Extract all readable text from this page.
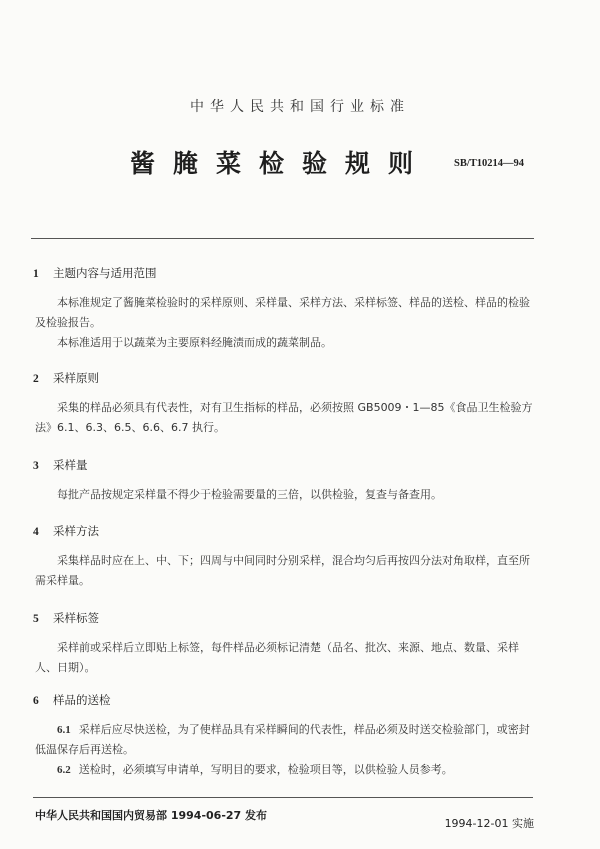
中华人民共和国行业标准
酱腌菜检验规则 SB/T10214—94
1 主题内容与适用范围
本标准规定了酱腌菜检验时的采样原则、采样量、采样方法、采样标签、样品的送检、样品的检验及检验报告。
本标准适用于以蔬菜为主要原料经腌渍而成的蔬菜制品。
2 采样原则
采集的样品必须具有代表性，对有卫生指标的样品，必须按照 GB5009・1—85《食品卫生检验方法》6.1、6.3、6.5、6.6、6.7 执行。
3 采样量
每批产品按规定采样量不得少于检验需要量的三倍，以供检验，复查与备查用。
4 采样方法
采集样品时应在上、中、下；四周与中间同时分别采样，混合均匀后再按四分法对角取样，直至所需采样量。
5 采样标签
采样前或采样后立即贴上标签，每件样品必须标记清楚（品名、批次、来源、地点、数量、采样人、日期）。
6 样品的送检
6.1 采样后应尽快送检，为了使样品具有采样瞬间的代表性，样品必须及时送交检验部门，或密封低温保存后再送检。
6.2 送检时，必须填写申请单，写明目的要求，检验项目等，以供检验人员参考。
中华人民共和国国内贸易部 1994-06-27 发布
1994-12-01 实施
